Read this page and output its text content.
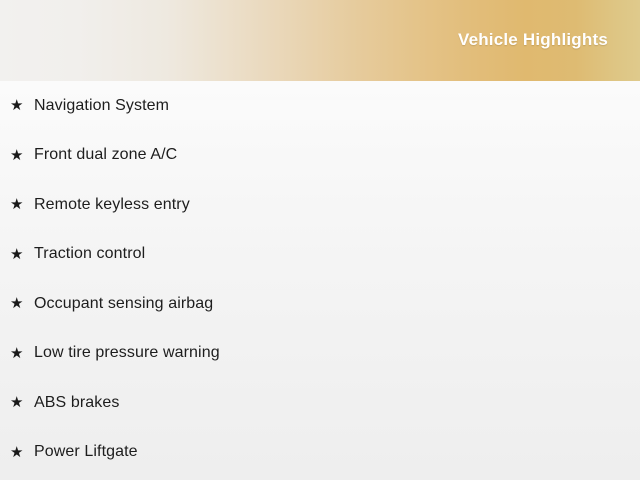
Vehicle Highlights
★ Navigation System
★ Front dual zone A/C
★ Remote keyless entry
★ Traction control
★ Occupant sensing airbag
★ Low tire pressure warning
★ ABS brakes
★ Power Liftgate
